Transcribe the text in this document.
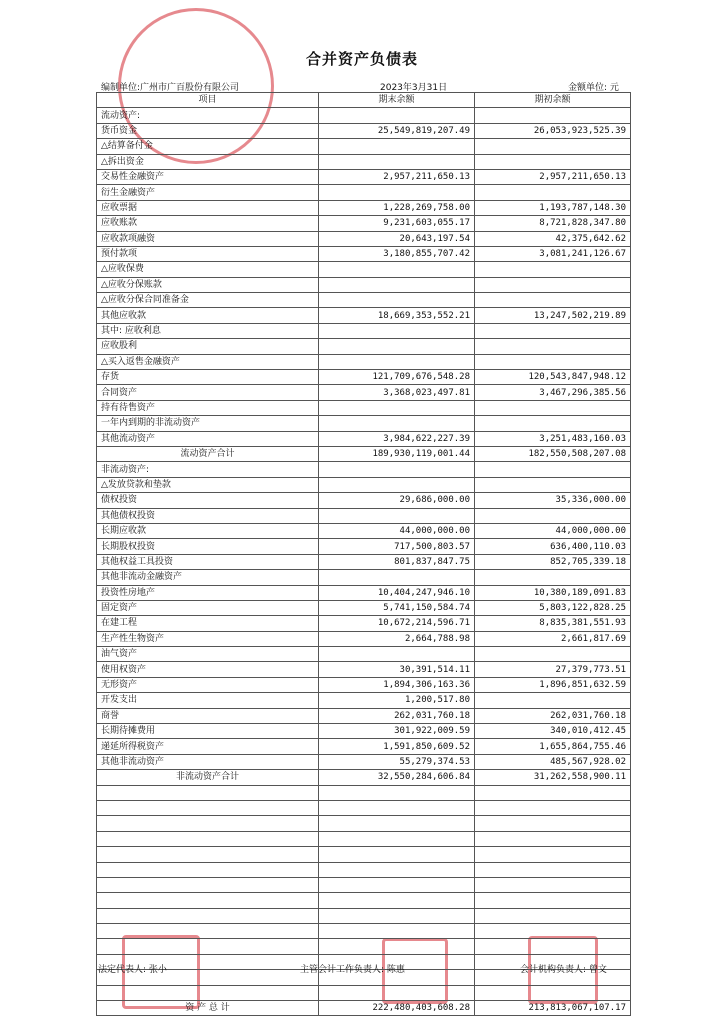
合并资产负债表
编制单位:广州市广百股份有限公司	2023年3月31日	金额单位: 元
项目	期末余额	期初余额
流动资产:		
货币资金	25,549,819,207.49	26,053,923,525.39
△结算备付金		
△拆出资金		
交易性金融资产	2,957,211,650.13	2,957,211,650.13
衍生金融资产		
应收票据	1,228,269,758.00	1,193,787,148.30
应收账款	9,231,603,055.17	8,721,828,347.80
应收款项融资	20,643,197.54	42,375,642.62
预付款项	3,180,855,707.42	3,081,241,126.67
△应收保费		
△应收分保账款		
△应收分保合同准备金		
其他应收款	18,669,353,552.21	13,247,502,219.89
其中: 应收利息		
应收股利		
△买入返售金融资产		
存货	121,709,676,548.28	120,543,847,948.12
合同资产	3,368,023,497.81	3,467,296,385.56
持有待售资产		
一年内到期的非流动资产		
其他流动资产	3,984,622,227.39	3,251,483,160.03
流动资产合计	189,930,119,001.44	182,550,508,207.08
非流动资产:		
△发放贷款和垫款		
债权投资	29,686,000.00	35,336,000.00
其他债权投资		
长期应收款	44,000,000.00	44,000,000.00
长期股权投资	717,500,803.57	636,400,110.03
其他权益工具投资	801,837,847.75	852,705,339.18
其他非流动金融资产		
投资性房地产	10,404,247,946.10	10,380,189,091.83
固定资产	5,741,150,584.74	5,803,122,828.25
在建工程	10,672,214,596.71	8,835,381,551.93
生产性生物资产	2,664,788.98	2,661,817.69
油气资产		
使用权资产	30,391,514.11	27,379,773.51
无形资产	1,894,306,163.36	1,896,851,632.59
开发支出	1,200,517.80	
商誉	262,031,760.18	262,031,760.18
长期待摊费用	301,922,009.59	340,010,412.45
递延所得税资产	1,591,850,609.52	1,655,864,755.46
其他非流动资产	55,279,374.53	485,567,928.02
非流动资产合计	32,550,284,606.84	31,262,558,900.11

资 产 总 计	222,480,403,608.28	213,813,067,107.17
法定代表人: 张小	主管会计工作负责人: 陈惠	会计机构负责人: 曾文
